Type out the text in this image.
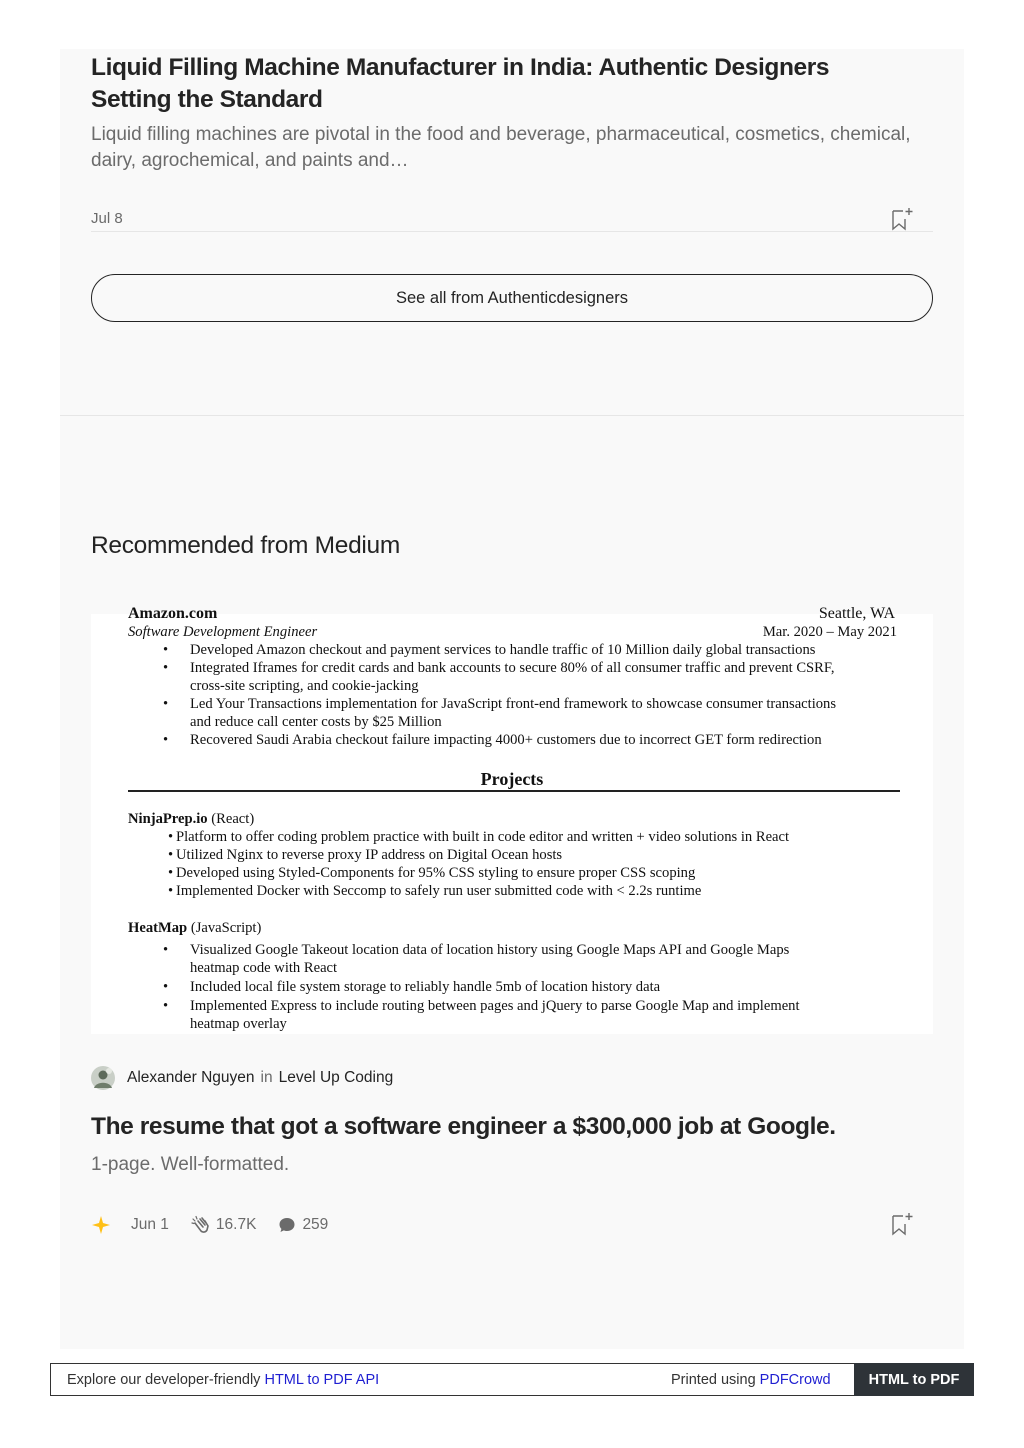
Liquid Filling Machine Manufacturer in India: Authentic Designers Setting the Standard
Liquid filling machines are pivotal in the food and beverage, pharmaceutical, cosmetics, chemical, dairy, agrochemical, and paints and…
Jul 8
See all from Authenticdesigners
Recommended from Medium
Amazon.com	Seattle, WA
Software Development Engineer	Mar. 2020 – May 2021
• Developed Amazon checkout and payment services to handle traffic of 10 Million daily global transactions
• Integrated Iframes for credit cards and bank accounts to secure 80% of all consumer traffic and prevent CSRF,
cross-site scripting, and cookie-jacking
• Led Your Transactions implementation for JavaScript front-end framework to showcase consumer transactions
and reduce call center costs by $25 Million
• Recovered Saudi Arabia checkout failure impacting 4000+ customers due to incorrect GET form redirection
Projects
NinjaPrep.io (React)
• Platform to offer coding problem practice with built in code editor and written + video solutions in React
• Utilized Nginx to reverse proxy IP address on Digital Ocean hosts
• Developed using Styled-Components for 95% CSS styling to ensure proper CSS scoping
• Implemented Docker with Seccomp to safely run user submitted code with < 2.2s runtime
HeatMap (JavaScript)
• Visualized Google Takeout location data of location history using Google Maps API and Google Maps
heatmap code with React
• Included local file system storage to reliably handle 5mb of location history data
• Implemented Express to include routing between pages and jQuery to parse Google Map and implement
heatmap overlay
Alexander Nguyen in Level Up Coding
The resume that got a software engineer a $300,000 job at Google.
1-page. Well-formatted.
Jun 1	16.7K	259
Explore our developer-friendly HTML to PDF API	Printed using PDFCrowd	HTML to PDF
